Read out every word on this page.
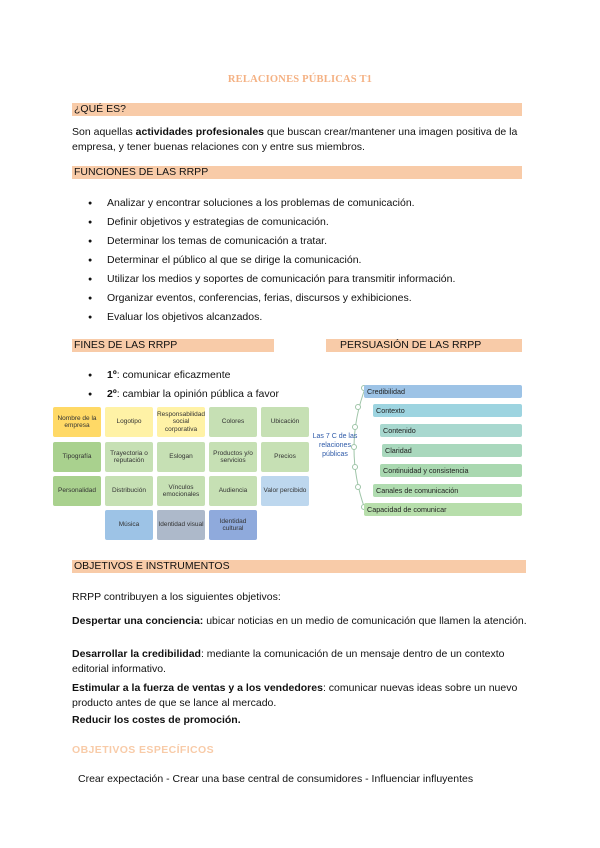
RELACIONES PÚBLICAS T1
¿QUÉ ES?
Son aquellas actividades profesionales que buscan crear/mantener una imagen positiva de la empresa, y tener buenas relaciones con y entre sus miembros.
FUNCIONES DE LAS RRPP
● Analizar y encontrar soluciones a los problemas de comunicación.
● Definir objetivos y estrategias de comunicación.
● Determinar los temas de comunicación a tratar.
● Determinar el público al que se dirige la comunicación.
● Utilizar los medios y soportes de comunicación para transmitir información.
● Organizar eventos, conferencias, ferias, discursos y exhibiciones.
● Evaluar los objetivos alcanzados.
FINES DE LAS RRPP	PERSUASIÓN DE LAS RRPP
● 1º: comunicar eficazmente
● 2º: cambiar la opinión pública a favor
Nombre de la empresa
Logotipo
Responsabilidad social corporativa
Colores	Ubicación
Tipografía
Trayectoria o reputación
Eslogan
Productos y/o servicios
Precios
Personalidad	Distribución
Vínculos emocionales
Audiencia	Valor percibido
Música	Identidad visual
Identidad cultural
Las 7 C de las relaciones públicas
Credibilidad
Contexto
Contenido
Claridad
Continuidad y consistencia
Canales de comunicación
Capacidad de comunicar
OBJETIVOS E INSTRUMENTOS
RRPP contribuyen a los siguientes objetivos:
Despertar una conciencia: ubicar noticias en un medio de comunicación que llamen la atención.
Desarrollar la credibilidad: mediante la comunicación de un mensaje dentro de un contexto editorial informativo.
Estimular a la fuerza de ventas y a los vendedores: comunicar nuevas ideas sobre un nuevo producto antes de que se lance al mercado.
Reducir los costes de promoción.
OBJETIVOS ESPECÍFICOS
Crear expectación - Crear una base central de consumidores - Influenciar influyentes
